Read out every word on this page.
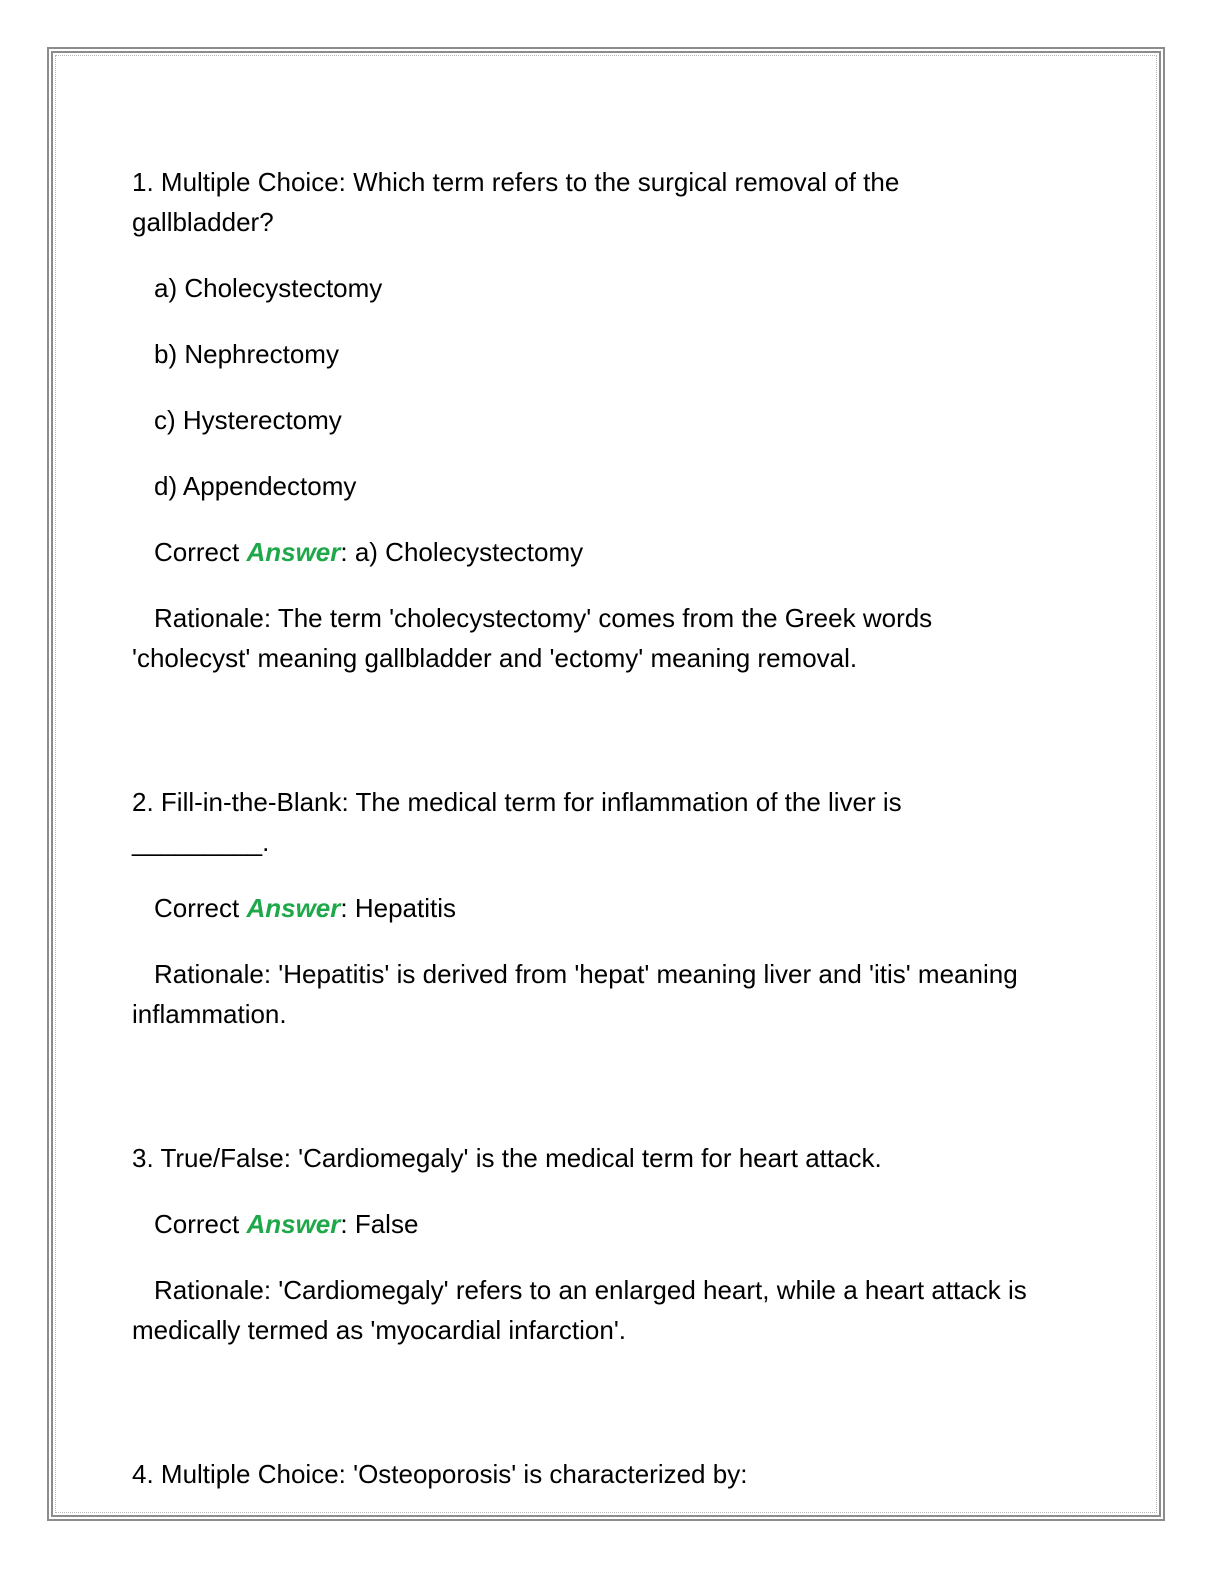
1. Multiple Choice: Which term refers to the surgical removal of the gallbladder?

a) Cholecystectomy

b) Nephrectomy

c) Hysterectomy

d) Appendectomy

Correct Answer: a) Cholecystectomy

Rationale: The term 'cholecystectomy' comes from the Greek words 'cholecyst' meaning gallbladder and 'ectomy' meaning removal.

2. Fill-in-the-Blank: The medical term for inflammation of the liver is _________.

Correct Answer: Hepatitis

Rationale: 'Hepatitis' is derived from 'hepat' meaning liver and 'itis' meaning inflammation.

3. True/False: 'Cardiomegaly' is the medical term for heart attack.

Correct Answer: False

Rationale: 'Cardiomegaly' refers to an enlarged heart, while a heart attack is medically termed as 'myocardial infarction'.

4. Multiple Choice: 'Osteoporosis' is characterized by:
